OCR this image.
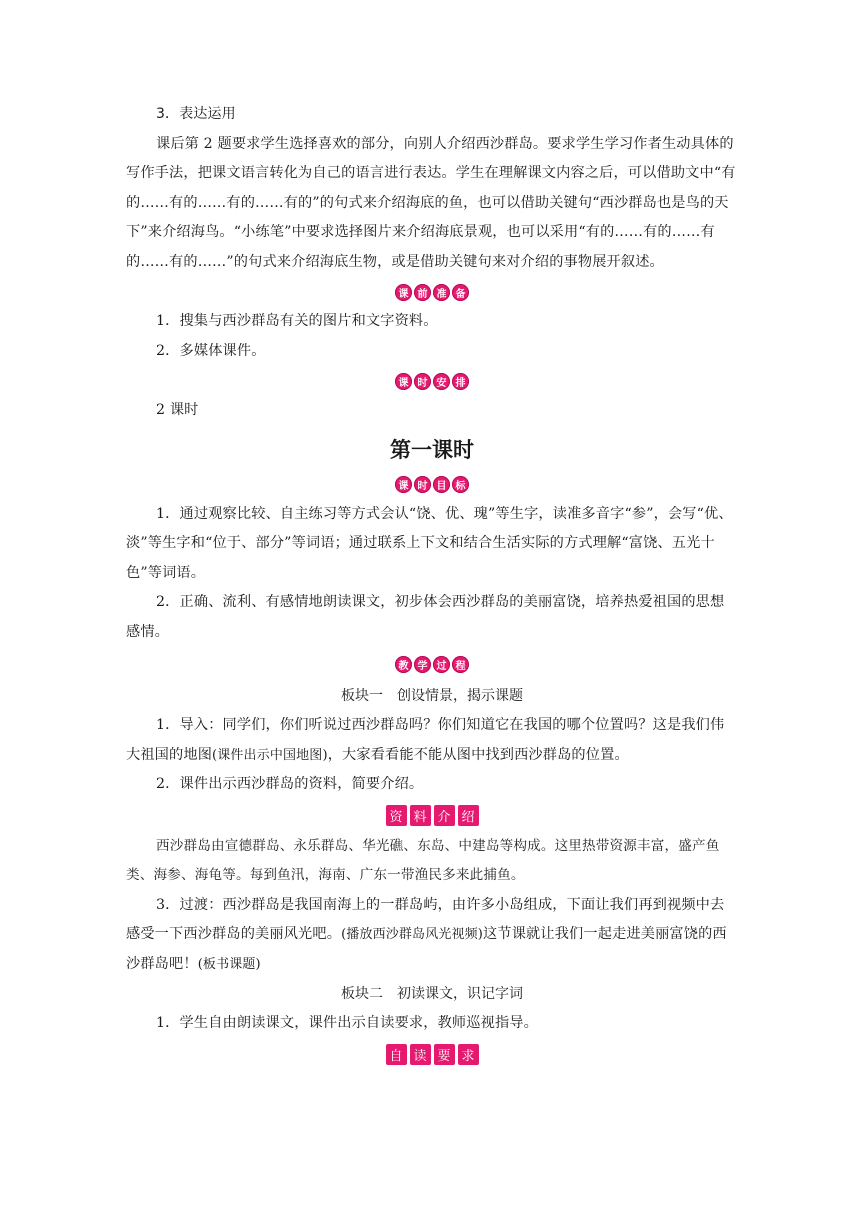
3．表达运用

课后第 2 题要求学生选择喜欢的部分，向别人介绍西沙群岛。要求学生学习作者生动具体的写作手法，把课文语言转化为自己的语言进行表达。学生在理解课文内容之后，可以借助文中“有的……有的……有的……有的”的句式来介绍海底的鱼，也可以借助关键句“西沙群岛也是鸟的天下”来介绍海鸟。“小练笔”中要求选择图片来介绍海底景观，也可以采用“有的……有的……有的……有的……”的句式来介绍海底生物，或是借助关键句来对介绍的事物展开叙述。

课 前 准 备

1．搜集与西沙群岛有关的图片和文字资料。

2．多媒体课件。

课 时 安 排

2 课时

第一课时
课 时 目 标

1．通过观察比较、自主练习等方式会认“饶、优、瑰”等生字，读准多音字“参”，会写“优、淡”等生字和“位于、部分”等词语；通过联系上下文和结合生活实际的方式理解“富饶、五光十色”等词语。

2．正确、流利、有感情地朗读课文，初步体会西沙群岛的美丽富饶，培养热爱祖国的思想感情。

教 学 过 程
板块一　创设情景，揭示课题

1．导入：同学们，你们听说过西沙群岛吗？你们知道它在我国的哪个位置吗？这是我们伟大祖国的地图(课件出示中国地图)，大家看看能不能从图中找到西沙群岛的位置。

2．课件出示西沙群岛的资料，简要介绍。

资 料 介 绍

西沙群岛由宣德群岛、永乐群岛、华光礁、东岛、中建岛等构成。这里热带资源丰富，盛产鱼类、海参、海龟等。每到鱼汛，海南、广东一带渔民多来此捕鱼。

3．过渡：西沙群岛是我国南海上的一群岛屿，由许多小岛组成，下面让我们再到视频中去感受一下西沙群岛的美丽风光吧。(播放西沙群岛风光视频)这节课就让我们一起走进美丽富饶的西沙群岛吧！(板书课题)

板块二　初读课文，识记字词

1．学生自由朗读课文，课件出示自读要求，教师巡视指导。

自 读 要 求
